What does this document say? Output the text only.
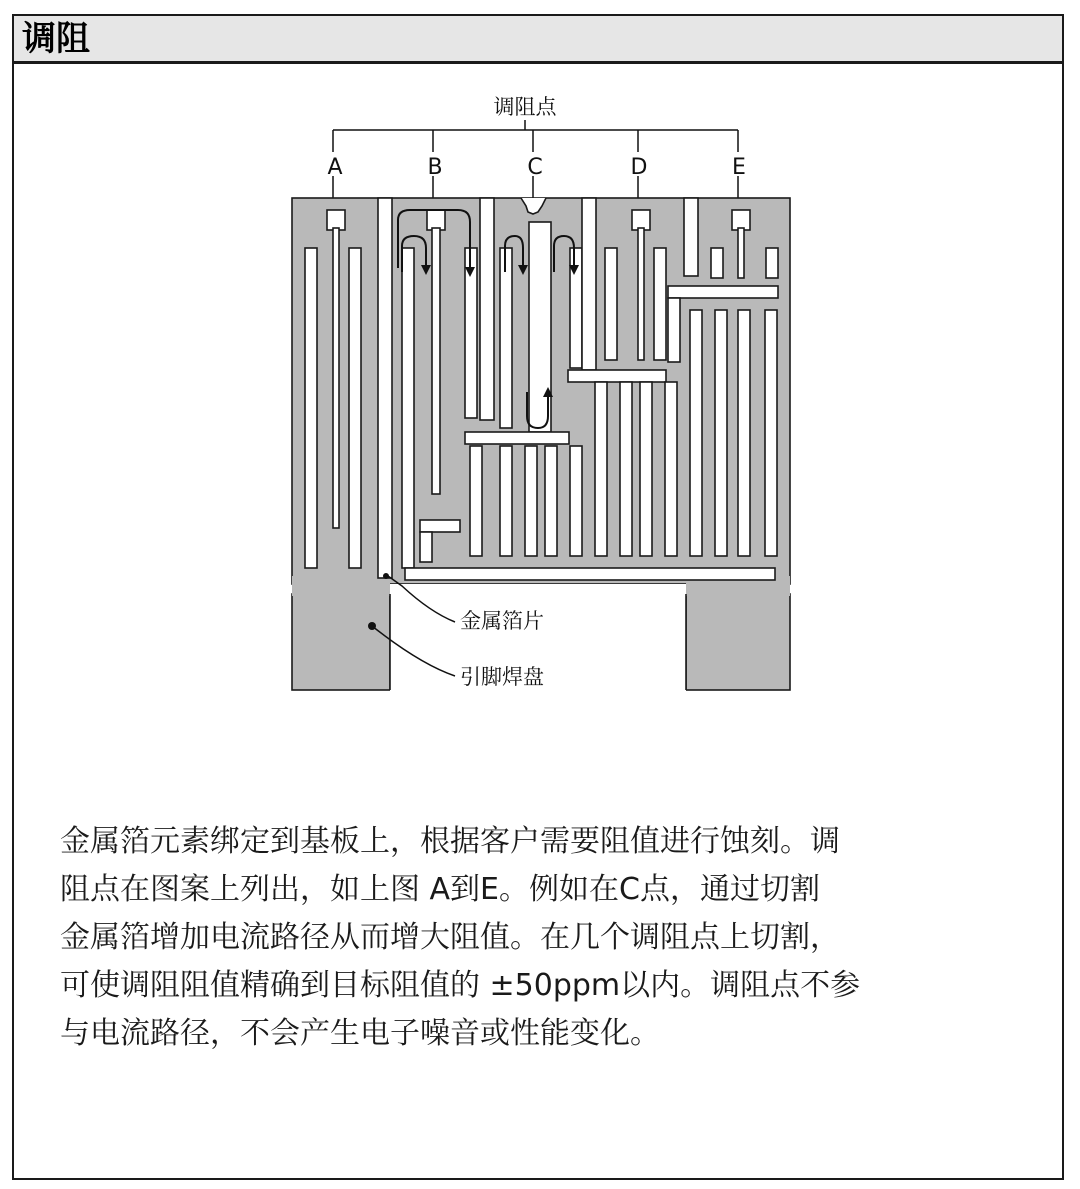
调阻
调阻点
A	B	C	D	E
金属箔片
引脚焊盘
金属箔元素绑定到基板上，根据客户需要阻值进行蚀刻。调
阻点在图案上列出，如上图 A到E。例如在C点，通过切割
金属箔增加电流路径从而增大阻值。在几个调阻点上切割，
可使调阻阻值精确到目标阻值的 ±50ppm以内。调阻点不参
与电流路径，不会产生电子噪音或性能变化。
